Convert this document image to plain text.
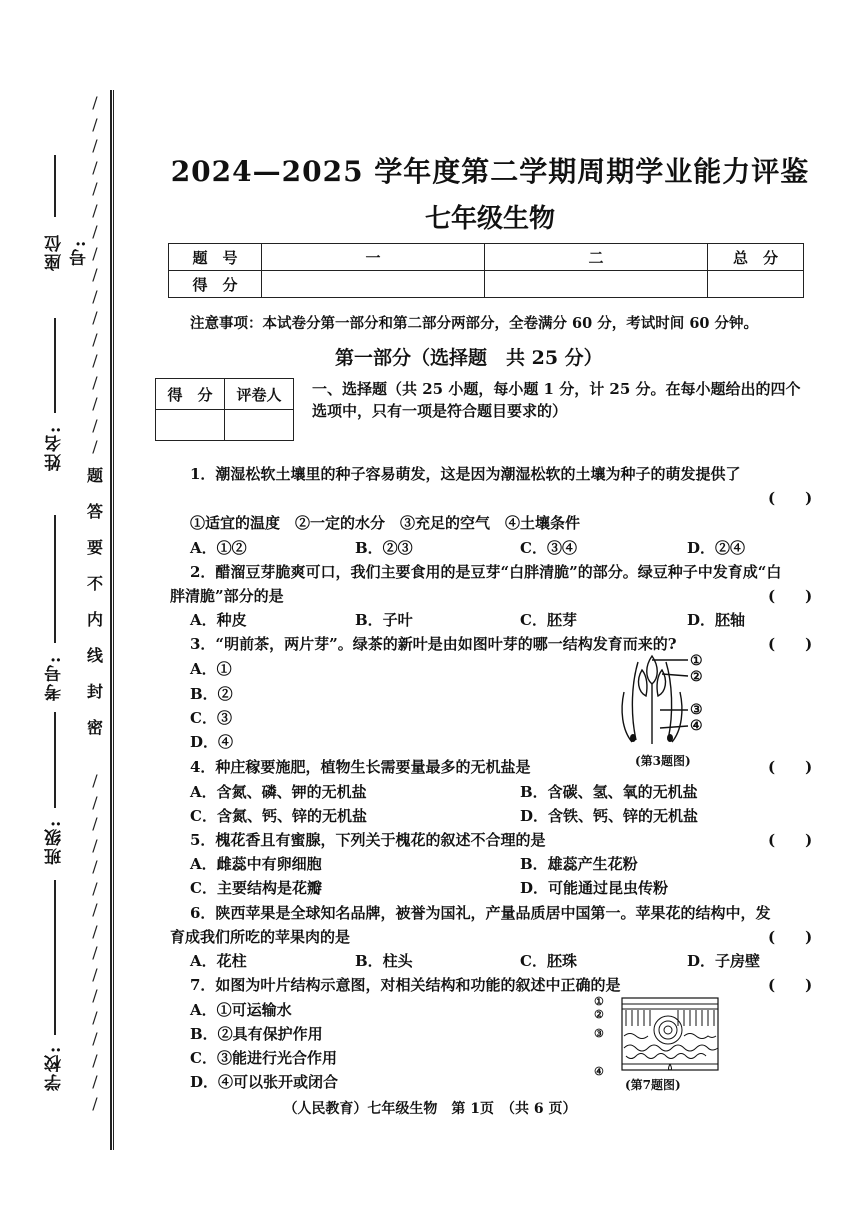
座位号:
姓名:
考号:
班级:
学校:
/
/
/
/
/
/
/
/
/
/
/
/
/
/
/
/
/
题
答
要
不
内
线
封
密
/
/
/
/
/
/
/
/
/
/
/
/
/
/
/
/
2024—2025 学年度第二学期周期学业能力评鉴
七年级生物
题　号	一	二	总　分
得　分			
注意事项：本试卷分第一部分和第二部分两部分，全卷满分 60 分，考试时间 60 分钟。
第一部分（选择题　共 25 分）
得　分	评卷人
	一、选择题（共 25 小题，每小题 1 分，计 25 分。在每小题给出的四个选项中，只有一项是符合题目要求的）
1．潮湿松软土壤里的种子容易萌发，这是因为潮湿松软的土壤为种子的萌发提供了
(　　)
①适宜的温度　②一定的水分　③充足的空气　④土壤条件
A．①②	B．②③	C．③④	D．②④
2．醋溜豆芽脆爽可口，我们主要食用的是豆芽“白胖清脆”的部分。绿豆种子中发育成“白
胖清脆”部分的是	(　　)
A．种皮	B．子叶	C．胚芽	D．胚轴
3．“明前茶，两片芽”。绿茶的新叶是由如图叶芽的哪一结构发育而来的?	(　　)
A．①
B．②
C．③
D．④
①
②
③
④
(第3题图)
4．种庄稼要施肥，植物生长需要量最多的无机盐是	(　　)
A．含氮、磷、钾的无机盐	B．含碳、氢、氧的无机盐
C．含氮、钙、锌的无机盐	D．含铁、钙、锌的无机盐
5．槐花香且有蜜腺，下列关于槐花的叙述不合理的是	(　　)
A．雌蕊中有卵细胞	B．雄蕊产生花粉
C．主要结构是花瓣	D．可能通过昆虫传粉
6．陕西苹果是全球知名品牌，被誉为国礼，产量品质居中国第一。苹果花的结构中，发
育成我们所吃的苹果肉的是	(　　)
A．花柱	B．柱头	C．胚珠	D．子房壁
7．如图为叶片结构示意图，对相关结构和功能的叙述中正确的是	(　　)
A．①可运输水
B．②具有保护作用
C．③能进行光合作用
D．④可以张开或闭合
①
②
③
④
(第7题图)
（人民教育）七年级生物　第 1页　（共 6 页）
